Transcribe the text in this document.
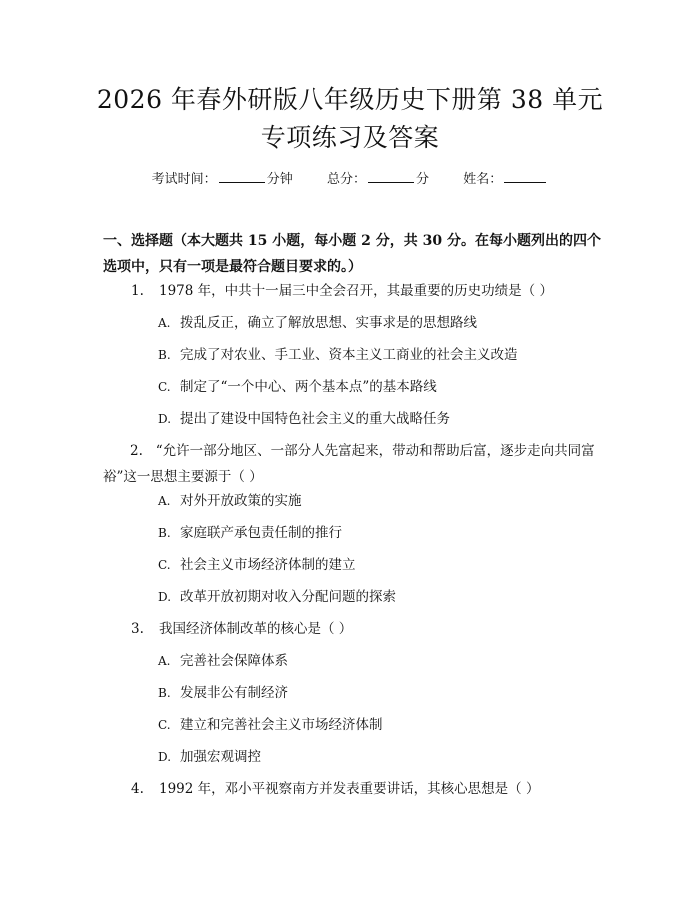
2026 年春外研版八年级历史下册第 38 单元
专项练习及答案
考试时间：	分钟	总分：	分	姓名：
一、选择题（本大题共 15 小题，每小题 2 分，共 30 分。在每小题列出的四个选项中，只有一项是最符合题目要求的。）
1. 1978 年，中共十一届三中全会召开，其最重要的历史功绩是（ ）
A. 拨乱反正，确立了解放思想、实事求是的思想路线
B. 完成了对农业、手工业、资本主义工商业的社会主义改造
C. 制定了“一个中心、两个基本点”的基本路线
D. 提出了建设中国特色社会主义的重大战略任务
2. “允许一部分地区、一部分人先富起来，带动和帮助后富，逐步走向共同富裕”这一思想主要源于（ ）
A. 对外开放政策的实施
B. 家庭联产承包责任制的推行
C. 社会主义市场经济体制的建立
D. 改革开放初期对收入分配问题的探索
3. 我国经济体制改革的核心是（ ）
A. 完善社会保障体系
B. 发展非公有制经济
C. 建立和完善社会主义市场经济体制
D. 加强宏观调控
4. 1992 年，邓小平视察南方并发表重要讲话，其核心思想是（ ）
